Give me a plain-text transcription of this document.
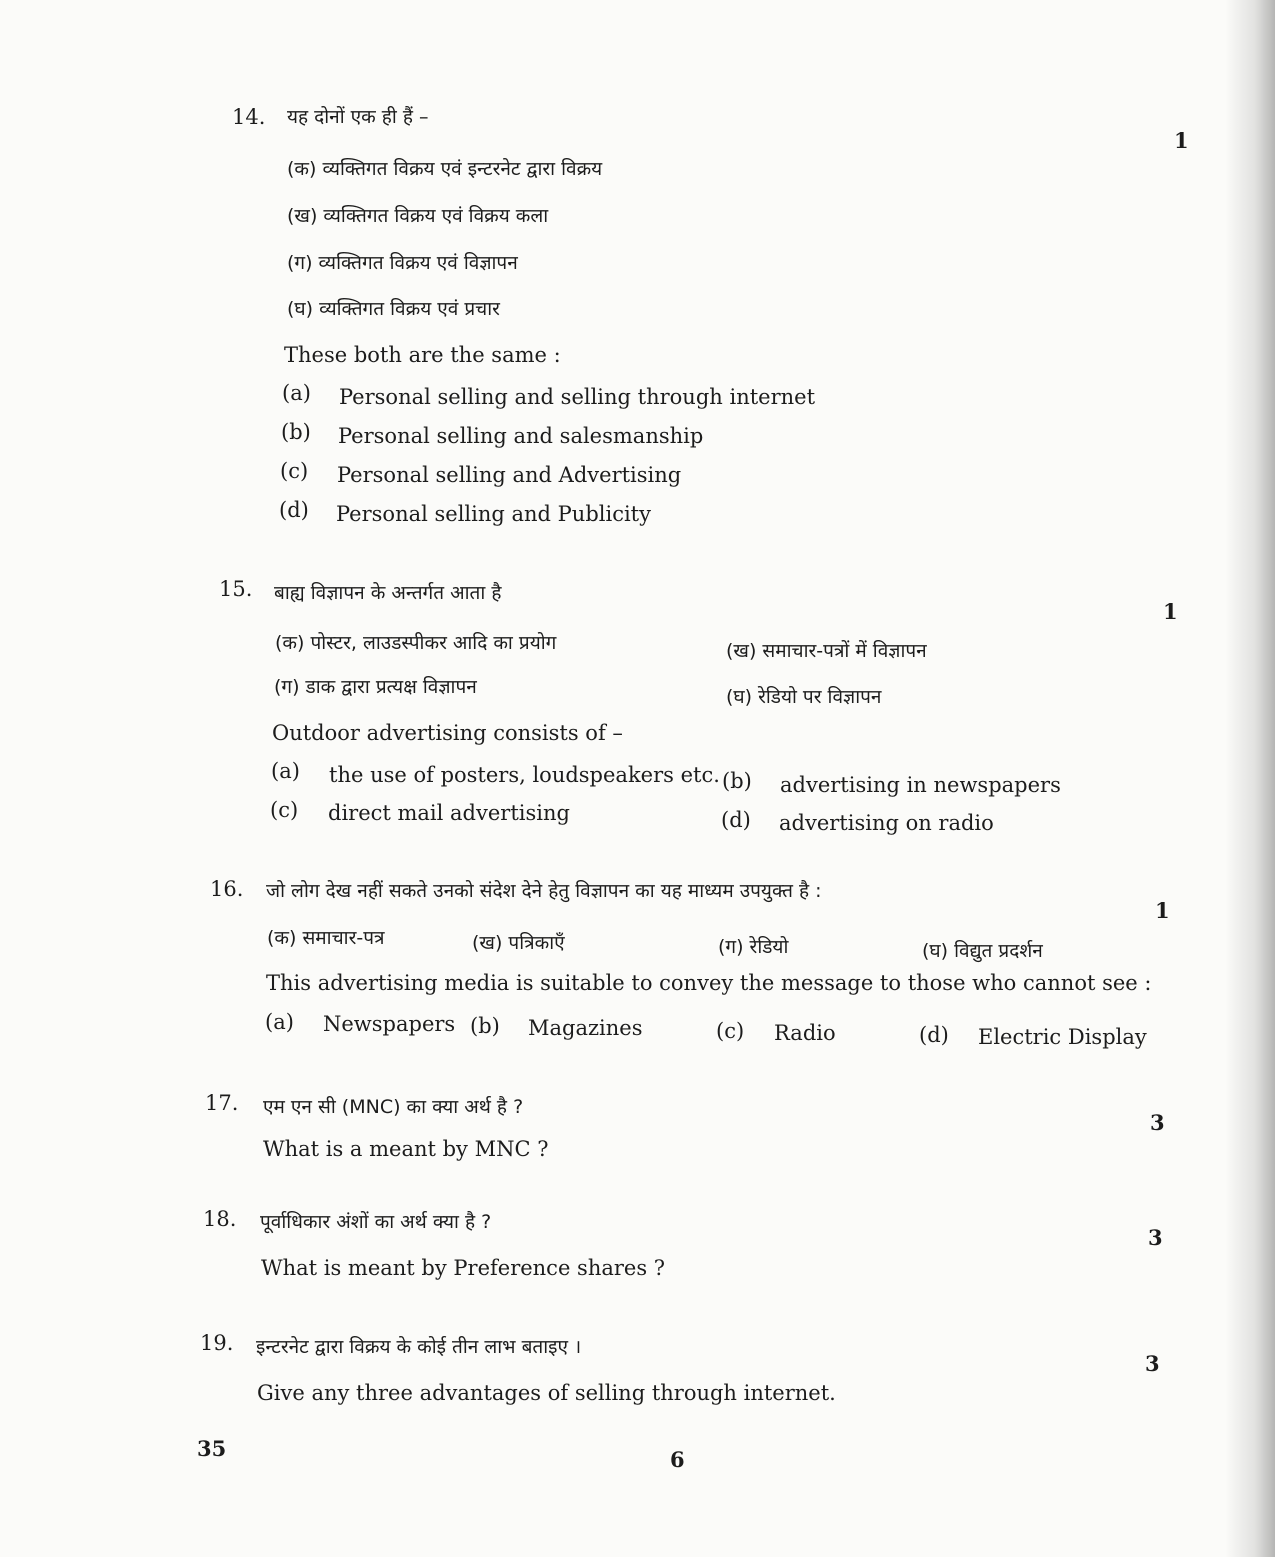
14. यह दोनों एक ही हैं –
1
(क) व्यक्तिगत विक्रय एवं इन्टरनेट द्वारा विक्रय
(ख) व्यक्तिगत विक्रय एवं विक्रय कला
(ग) व्यक्तिगत विक्रय एवं विज्ञापन
(घ) व्यक्तिगत विक्रय एवं प्रचार
These both are the same :
(a) Personal selling and selling through internet
(b) Personal selling and salesmanship
(c) Personal selling and Advertising
(d) Personal selling and Publicity
15. बाह्य विज्ञापन के अन्तर्गत आता है
1
(क) पोस्टर, लाउडस्पीकर आदि का प्रयोग	(ख) समाचार-पत्रों में विज्ञापन
(ग) डाक द्वारा प्रत्यक्ष विज्ञापन	(घ) रेडियो पर विज्ञापन
Outdoor advertising consists of –
(a) the use of posters, loudspeakers etc. (b) advertising in newspapers
(c) direct mail advertising	(d) advertising on radio
16. जो लोग देख नहीं सकते उनको संदेश देने हेतु विज्ञापन का यह माध्यम उपयुक्त है :
1
(क) समाचार-पत्र	(ख) पत्रिकाएँ	(ग) रेडियो	(घ) विद्युत प्रदर्शन
This advertising media is suitable to convey the message to those who cannot see :
(a) Newspapers (b) Magazines	(c) Radio	(d) Electric Display
17. एम एन सी (MNC) का क्या अर्थ है ?
3
What is a meant by MNC ?
18. पूर्वाधिकार अंशों का अर्थ क्या है ?
3
What is meant by Preference shares ?
19. इन्टरनेट द्वारा विक्रय के कोई तीन लाभ बताइए ।
3
Give any three advantages of selling through internet.
35	6
